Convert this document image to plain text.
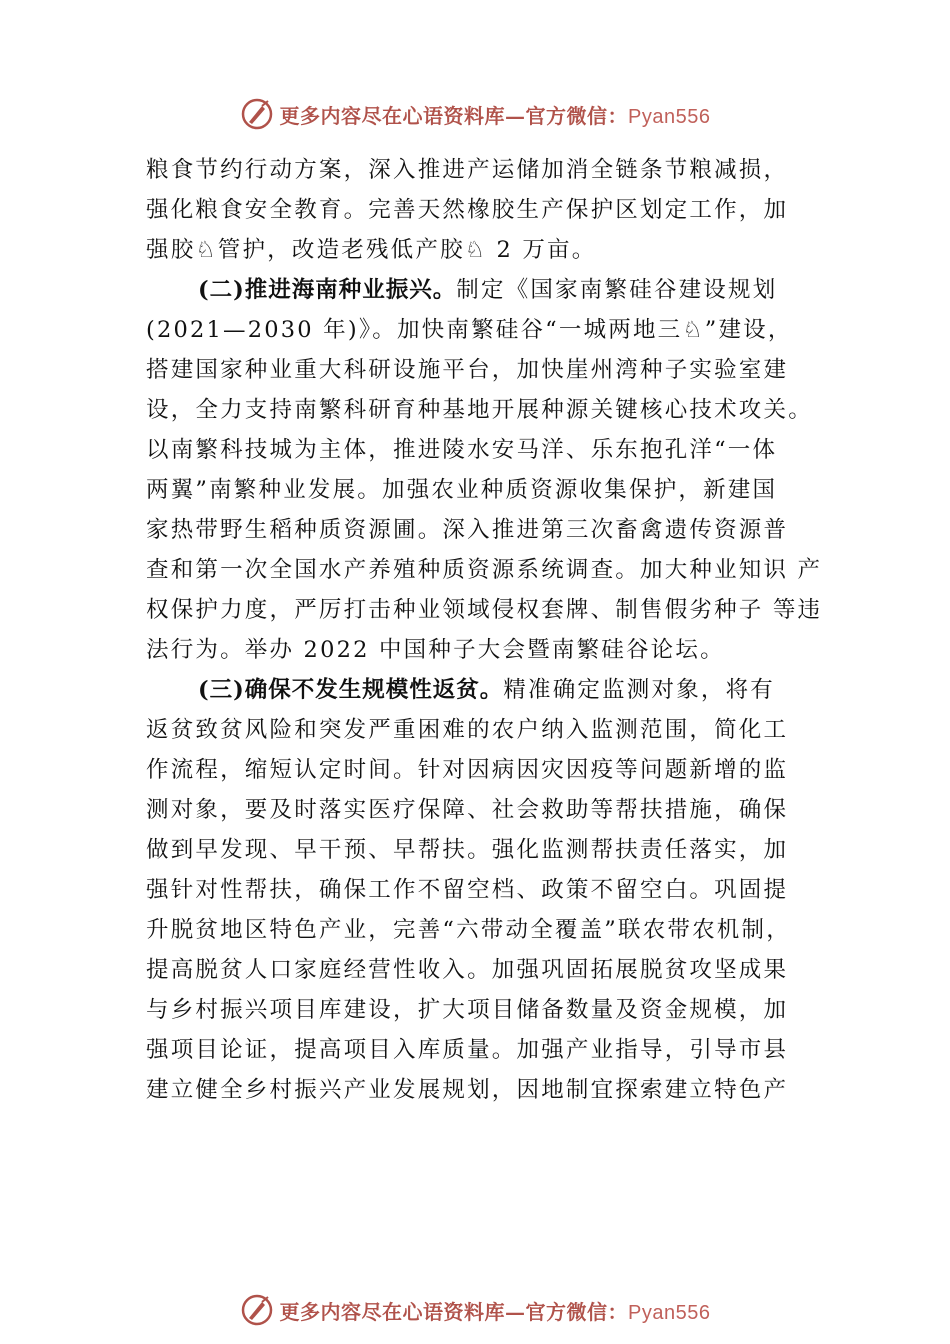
更多内容尽在心语资料库—官方微信：Pyan556
粮食节约行动方案，深入推进产运储加消全链条节粮减损，
强化粮食安全教育。完善天然橡胶生产保护区划定工作，加
强胶♘管护，改造老残低产胶♘ 2 万亩。
(二)推进海南种业振兴。制定《国家南繁硅谷建设规划
(2021—2030 年)》。加快南繁硅谷“一城两地三♘”建设，
搭建国家种业重大科研设施平台，加快崖州湾种子实验室建
设，全力支持南繁科研育种基地开展种源关键核心技术攻关。
以南繁科技城为主体，推进陵水安马洋、乐东抱孔洋“一体
两翼”南繁种业发展。加强农业种质资源收集保护，新建国
家热带野生稻种质资源圃。深入推进第三次畜禽遗传资源普
查和第一次全国水产养殖种质资源系统调查。加大种业知识 产
权保护力度，严厉打击种业领域侵权套牌、制售假劣种子 等违
法行为。举办 2022 中国种子大会暨南繁硅谷论坛。
(三)确保不发生规模性返贫。精准确定监测对象，将有
返贫致贫风险和突发严重困难的农户纳入监测范围，简化工
作流程，缩短认定时间。针对因病因灾因疫等问题新增的监
测对象，要及时落实医疗保障、社会救助等帮扶措施，确保
做到早发现、早干预、早帮扶。强化监测帮扶责任落实，加
强针对性帮扶，确保工作不留空档、政策不留空白。巩固提
升脱贫地区特色产业，完善“六带动全覆盖”联农带农机制，
提高脱贫人口家庭经营性收入。加强巩固拓展脱贫攻坚成果
与乡村振兴项目库建设，扩大项目储备数量及资金规模，加
强项目论证，提高项目入库质量。加强产业指导，引导市县
建立健全乡村振兴产业发展规划，因地制宜探索建立特色产
更多内容尽在心语资料库—官方微信：Pyan556
